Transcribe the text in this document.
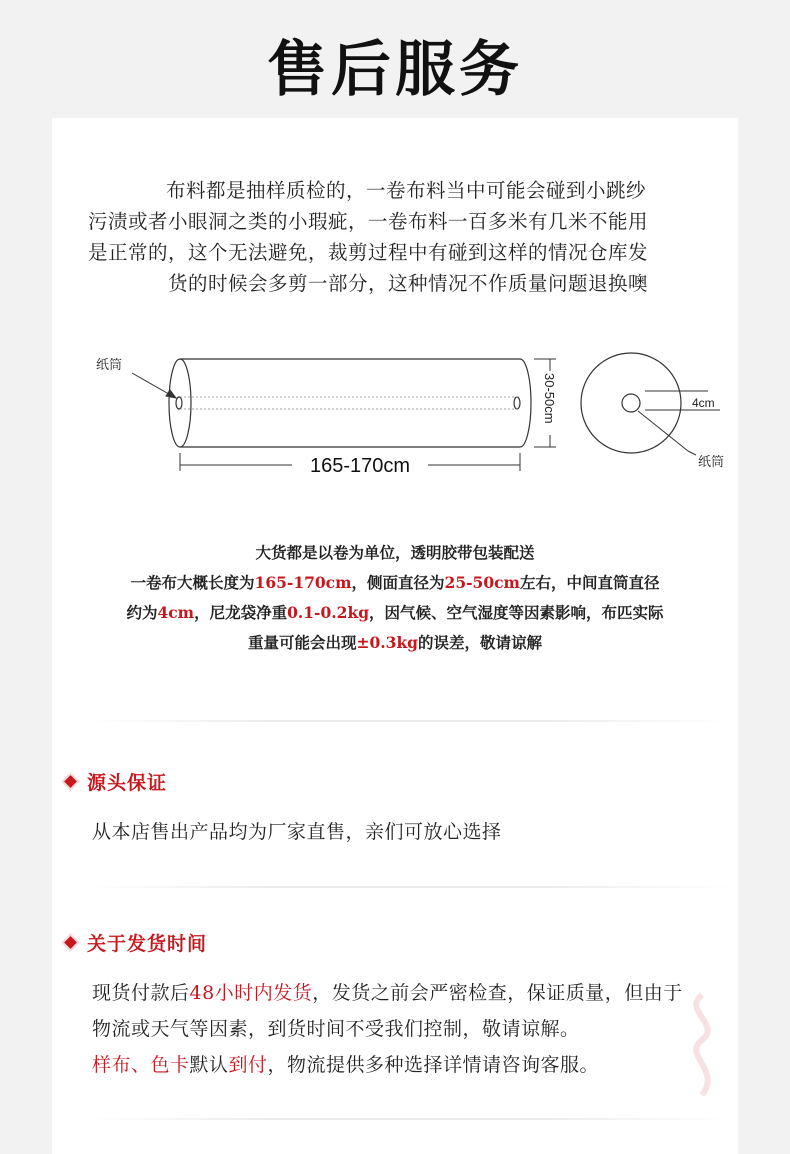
售后服务

布料都是抽样质检的，一卷布料当中可能会碰到小跳纱

污渍或者小眼洞之类的小瑕疵，一卷布料一百多米有几米不能用

是正常的，这个无法避免，裁剪过程中有碰到这样的情况仓库发

货的时候会多剪一部分，这种情况不作质量问题退换噢

纸筒
165-170cm
30-50cm	4cm
纸筒

大货都是以卷为单位，透明胶带包装配送

一卷布大概长度为165-170cm，侧面直径为25-50cm左右，中间直筒直径

约为4cm，尼龙袋净重0.1-0.2kg，因气候、空气湿度等因素影响，布匹实际

重量可能会出现±0.3kg的误差，敬请谅解

源头保证

从本店售出产品均为厂家直售，亲们可放心选择

关于发货时间

现货付款后48小时内发货，发货之前会严密检查，保证质量，但由于

物流或天气等因素，到货时间不受我们控制，敬请谅解。

样布、色卡默认到付，物流提供多种选择详情请咨询客服。
